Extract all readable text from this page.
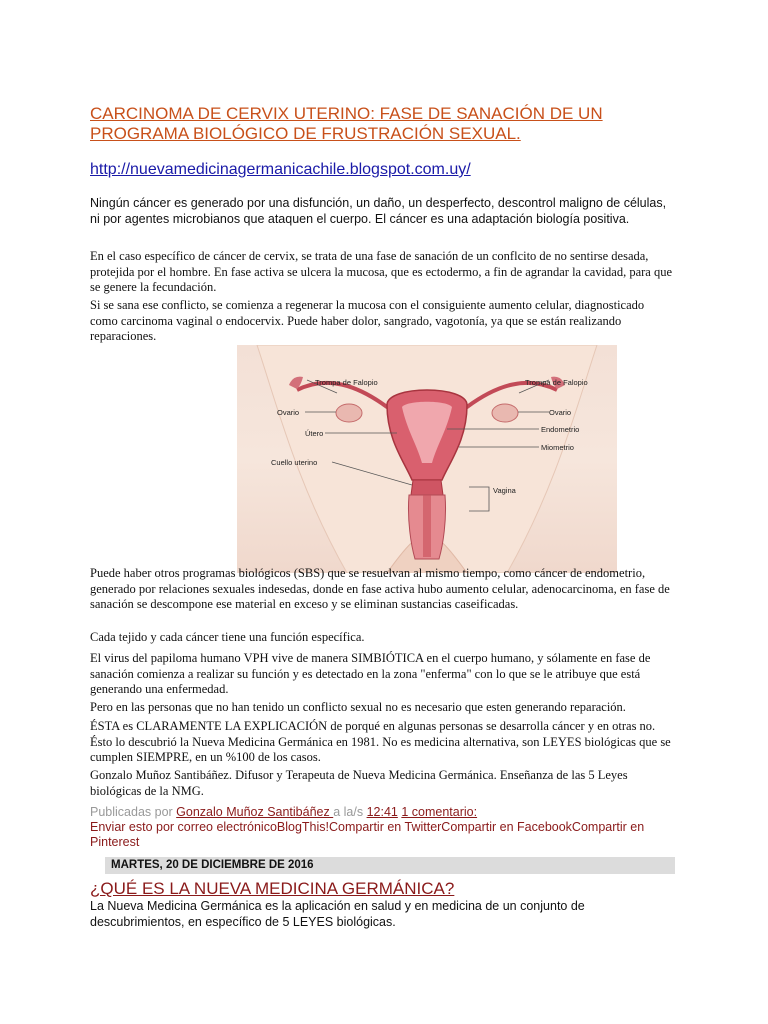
CARCINOMA DE CERVIX UTERINO: FASE DE SANACIÓN DE UN PROGRAMA BIOLÓGICO DE FRUSTRACIÓN SEXUAL.
http://nuevamedicinagermanicachile.blogspot.com.uy/

Ningún cáncer es generado por una disfunción, un daño, un desperfecto, descontrol maligno de células, ni por agentes microbianos que ataquen el cuerpo. El cáncer es una adaptación biología positiva.

En el caso específico de cáncer de cervix, se trata de una fase de sanación de un conflcito de no sentirse desada, protejida por el hombre. En fase activa se ulcera la mucosa, que es ectodermo, a fin de agrandar la cavidad, para que se genere la fecundación.

Si se sana ese conflicto, se comienza a regenerar la mucosa con el consiguiente aumento celular, diagnosticado como carcinoma vaginal o endocervix. Puede haber dolor, sangrado, vagotonía, ya que se están realizando reparaciones.

Trompa de Falopio	Trompa de Falopio
Ovario	Ovario
Útero	Endometrio
Miometrio
Cuello uterino
Vagina

Puede haber otros programas biológicos (SBS) que se resuelvan al mismo tiempo, como cáncer de endometrio, generado por relaciones sexuales indesedas, donde en fase activa hubo aumento celular, adenocarcinoma, en fase de sanación se descompone ese material en exceso y se eliminan sustancias caseificadas.

Cada tejido y cada cáncer tiene una función específica.

El virus del papiloma humano VPH vive de manera SIMBIÓTICA en el cuerpo humano, y sólamente en fase de sanación comienza a realizar su función y es detectado en la zona "enferma" con lo que se le atribuye que está generando una enfermedad.

Pero en las personas que no han tenido un conflicto sexual no es necesario que esten generando reparación.

ÉSTA es CLARAMENTE LA EXPLICACIÓN de porqué en algunas personas se desarrolla cáncer y en otras no. Ésto lo descubrió la Nueva Medicina Germánica en 1981. No es medicina alternativa, son LEYES biológicas que se cumplen SIEMPRE, en un %100 de los casos.

Gonzalo Muñoz Santibáñez. Difusor y Terapeuta de Nueva Medicina Germánica. Enseñanza de las 5 Leyes biológicas de la NMG.

Publicadas por Gonzalo Muñoz Santibáñez a la/s 12:41 1 comentario:
Enviar esto por correo electrónicoBlogThis!Compartir en TwitterCompartir en FacebookCompartir en Pinterest
MARTES, 20 DE DICIEMBRE DE 2016
¿QUÉ ES LA NUEVA MEDICINA GERMÁNICA?

La Nueva Medicina Germánica es la aplicación en salud y en medicina de un conjunto de descubrimientos, en específico de 5 LEYES biológicas.
